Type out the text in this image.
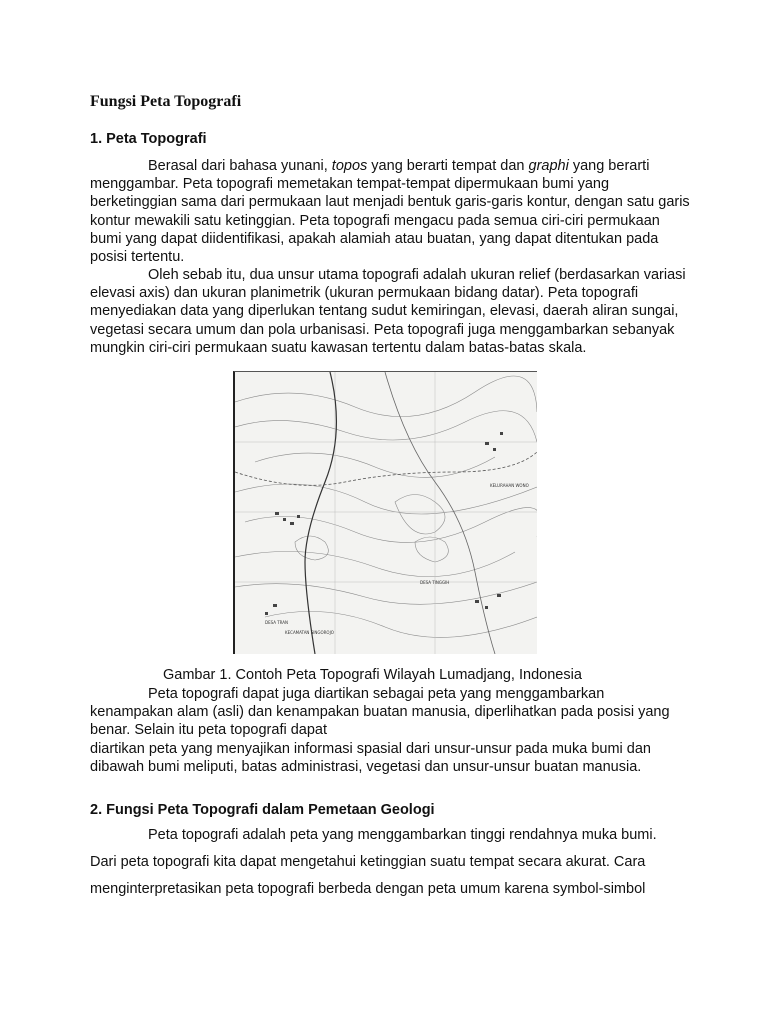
Fungsi Peta Topografi
1. Peta Topografi
Berasal dari bahasa yunani, topos yang berarti tempat dan graphi yang berarti menggambar. Peta topografi memetakan tempat-tempat dipermukaan bumi yang berketinggian sama dari permukaan laut menjadi bentuk garis-garis kontur, dengan satu garis kontur mewakili satu ketinggian. Peta topografi mengacu pada semua ciri-ciri permukaan bumi yang dapat diidentifikasi, apakah alamiah atau buatan, yang dapat ditentukan pada posisi tertentu.
Oleh sebab itu, dua unsur utama topografi adalah ukuran relief (berdasarkan variasi elevasi axis) dan ukuran planimetrik (ukuran permukaan bidang datar). Peta topografi menyediakan data yang diperlukan tentang sudut kemiringan, elevasi, daerah aliran sungai, vegetasi secara umum dan pola urbanisasi. Peta topografi juga menggambarkan sebanyak mungkin ciri-ciri permukaan suatu kawasan tertentu dalam batas-batas skala.
KELURAHAN WONO
DESA TINGGIH
KECAMATAN SINGOROJO
DESA TRAN
Gambar 1. Contoh Peta Topografi Wilayah Lumadjang, Indonesia
Peta topografi dapat juga diartikan sebagai peta yang menggambarkan kenampakan alam (asli) dan kenampakan buatan manusia, diperlihatkan pada posisi yang benar. Selain itu peta topografi dapat
diartikan peta yang menyajikan informasi spasial dari unsur-unsur pada muka bumi dan dibawah bumi meliputi, batas administrasi, vegetasi dan unsur-unsur buatan manusia.
2. Fungsi Peta Topografi dalam Pemetaan Geologi
Peta topografi adalah peta yang menggambarkan tinggi rendahnya muka bumi.
Dari peta topografi kita dapat mengetahui ketinggian suatu tempat secara akurat. Cara menginterpretasikan peta topografi berbeda dengan peta umum karena symbol-simbol
